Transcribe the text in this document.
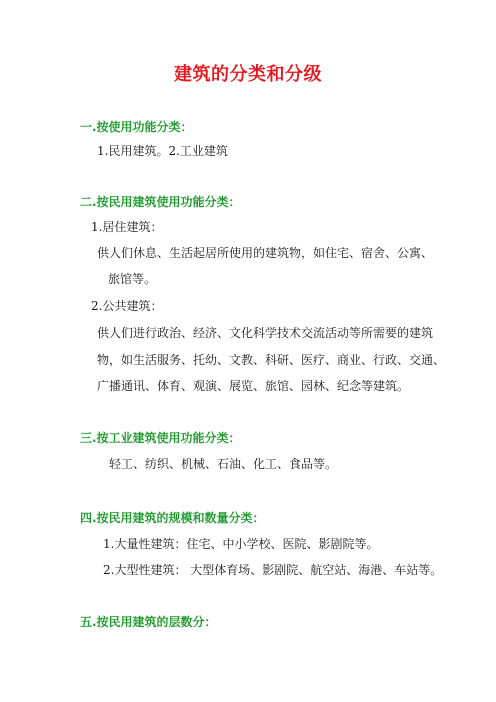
建筑的分类和分级
一.按使用功能分类：
1.民用建筑。2.工业建筑
二.按民用建筑使用功能分类：
1.居住建筑：
供人们休息、生活起居所使用的建筑物，如住宅、宿舍、公寓、
旅馆等。
2.公共建筑：
供人们进行政治、经济、文化科学技术交流活动等所需要的建筑
物，如生活服务、托幼、文教、科研、医疗、商业、行政、交通、
广播通讯、体育、观演、展览、旅馆、园林、纪念等建筑。
三.按工业建筑使用功能分类：
轻工、纺织、机械、石油、化工、食品等。
四.按民用建筑的规模和数量分类：
1.大量性建筑：住宅、中小学校、医院、影剧院等。
2.大型性建筑： 大型体育场、影剧院、航空站、海港、车站等。
五.按民用建筑的层数分：
